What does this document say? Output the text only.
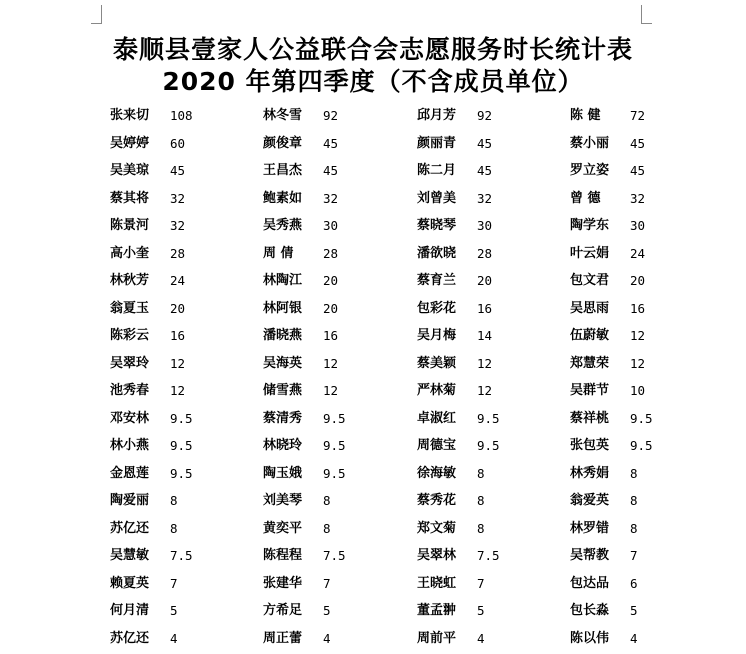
泰顺县壹家人公益联合会志愿服务时长统计表
2020 年第四季度（不含成员单位）
张来切 108	林冬雪 92	邱月芳 92	陈 健 72
吴婷婷 60	颜俊章 45	颜丽青 45	蔡小丽 45
吴美琼 45	王昌杰 45	陈二月 45	罗立姿 45
蔡其将 32	鲍素如 32	刘曾美 32	曾 德 32
陈景河 32	吴秀燕 30	蔡晓琴 30	陶学东 30
高小奎 28	周 倩 28	潘欲晓 28	叶云娟 24
林秋芳 24	林陶江 20	蔡育兰 20	包文君 20
翁夏玉 20	林阿银 20	包彩花 16	吴思雨 16
陈彩云 16	潘晓燕 16	吴月梅 14	伍蔚敏 12
吴翠玲 12	吴海英 12	蔡美颖 12	郑慧荣 12
池秀春 12	储雪燕 12	严林菊 12	吴群节 10
邓安林 9.5	蔡清秀 9.5	卓淑红 9.5	蔡祥桃 9.5
林小燕 9.5	林晓玲 9.5	周德宝 9.5	张包英 9.5
金恩莲 9.5	陶玉娥 9.5	徐海敏 8	林秀娟 8
陶爱丽 8	刘美琴 8	蔡秀花 8	翁爱英 8
苏亿还 8	黄奕平 8	郑文菊 8	林罗错 8
吴慧敏 7.5	陈程程 7.5	吴翠林 7.5	吴帮教 7
赖夏英 7	张建华 7	王晓虹 7	包达品 6
何月清 5	方希足 5	董孟翀 5	包长淼 5
苏亿还 4	周正蕾 4	周前平 4	陈以伟 4
